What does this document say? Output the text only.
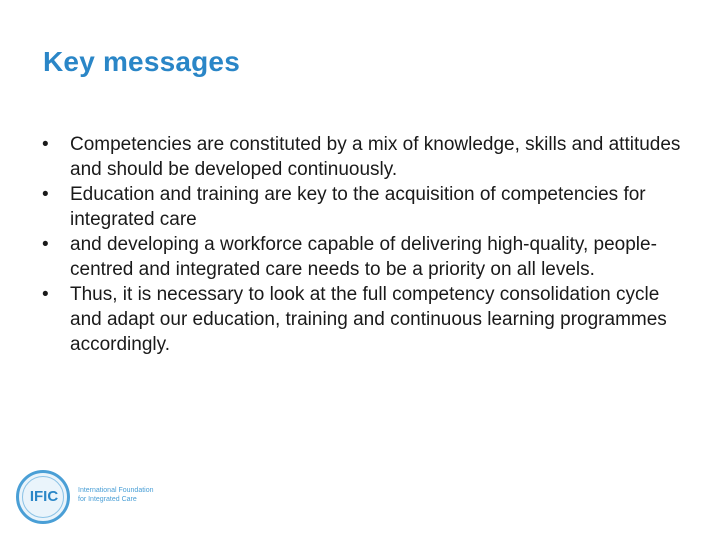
Key messages
•	Competencies are constituted by a mix of knowledge, skills and attitudes and should be developed continuously.
•	Education and training are key to the acquisition of competencies for integrated care
•	and developing a workforce capable of delivering high-quality, people-centred and integrated care needs to be a priority on all levels.
•	Thus, it is necessary to look at the full competency consolidation cycle and adapt our education, training and continuous learning programmes accordingly.
IFIC	International Foundation for Integrated Care
